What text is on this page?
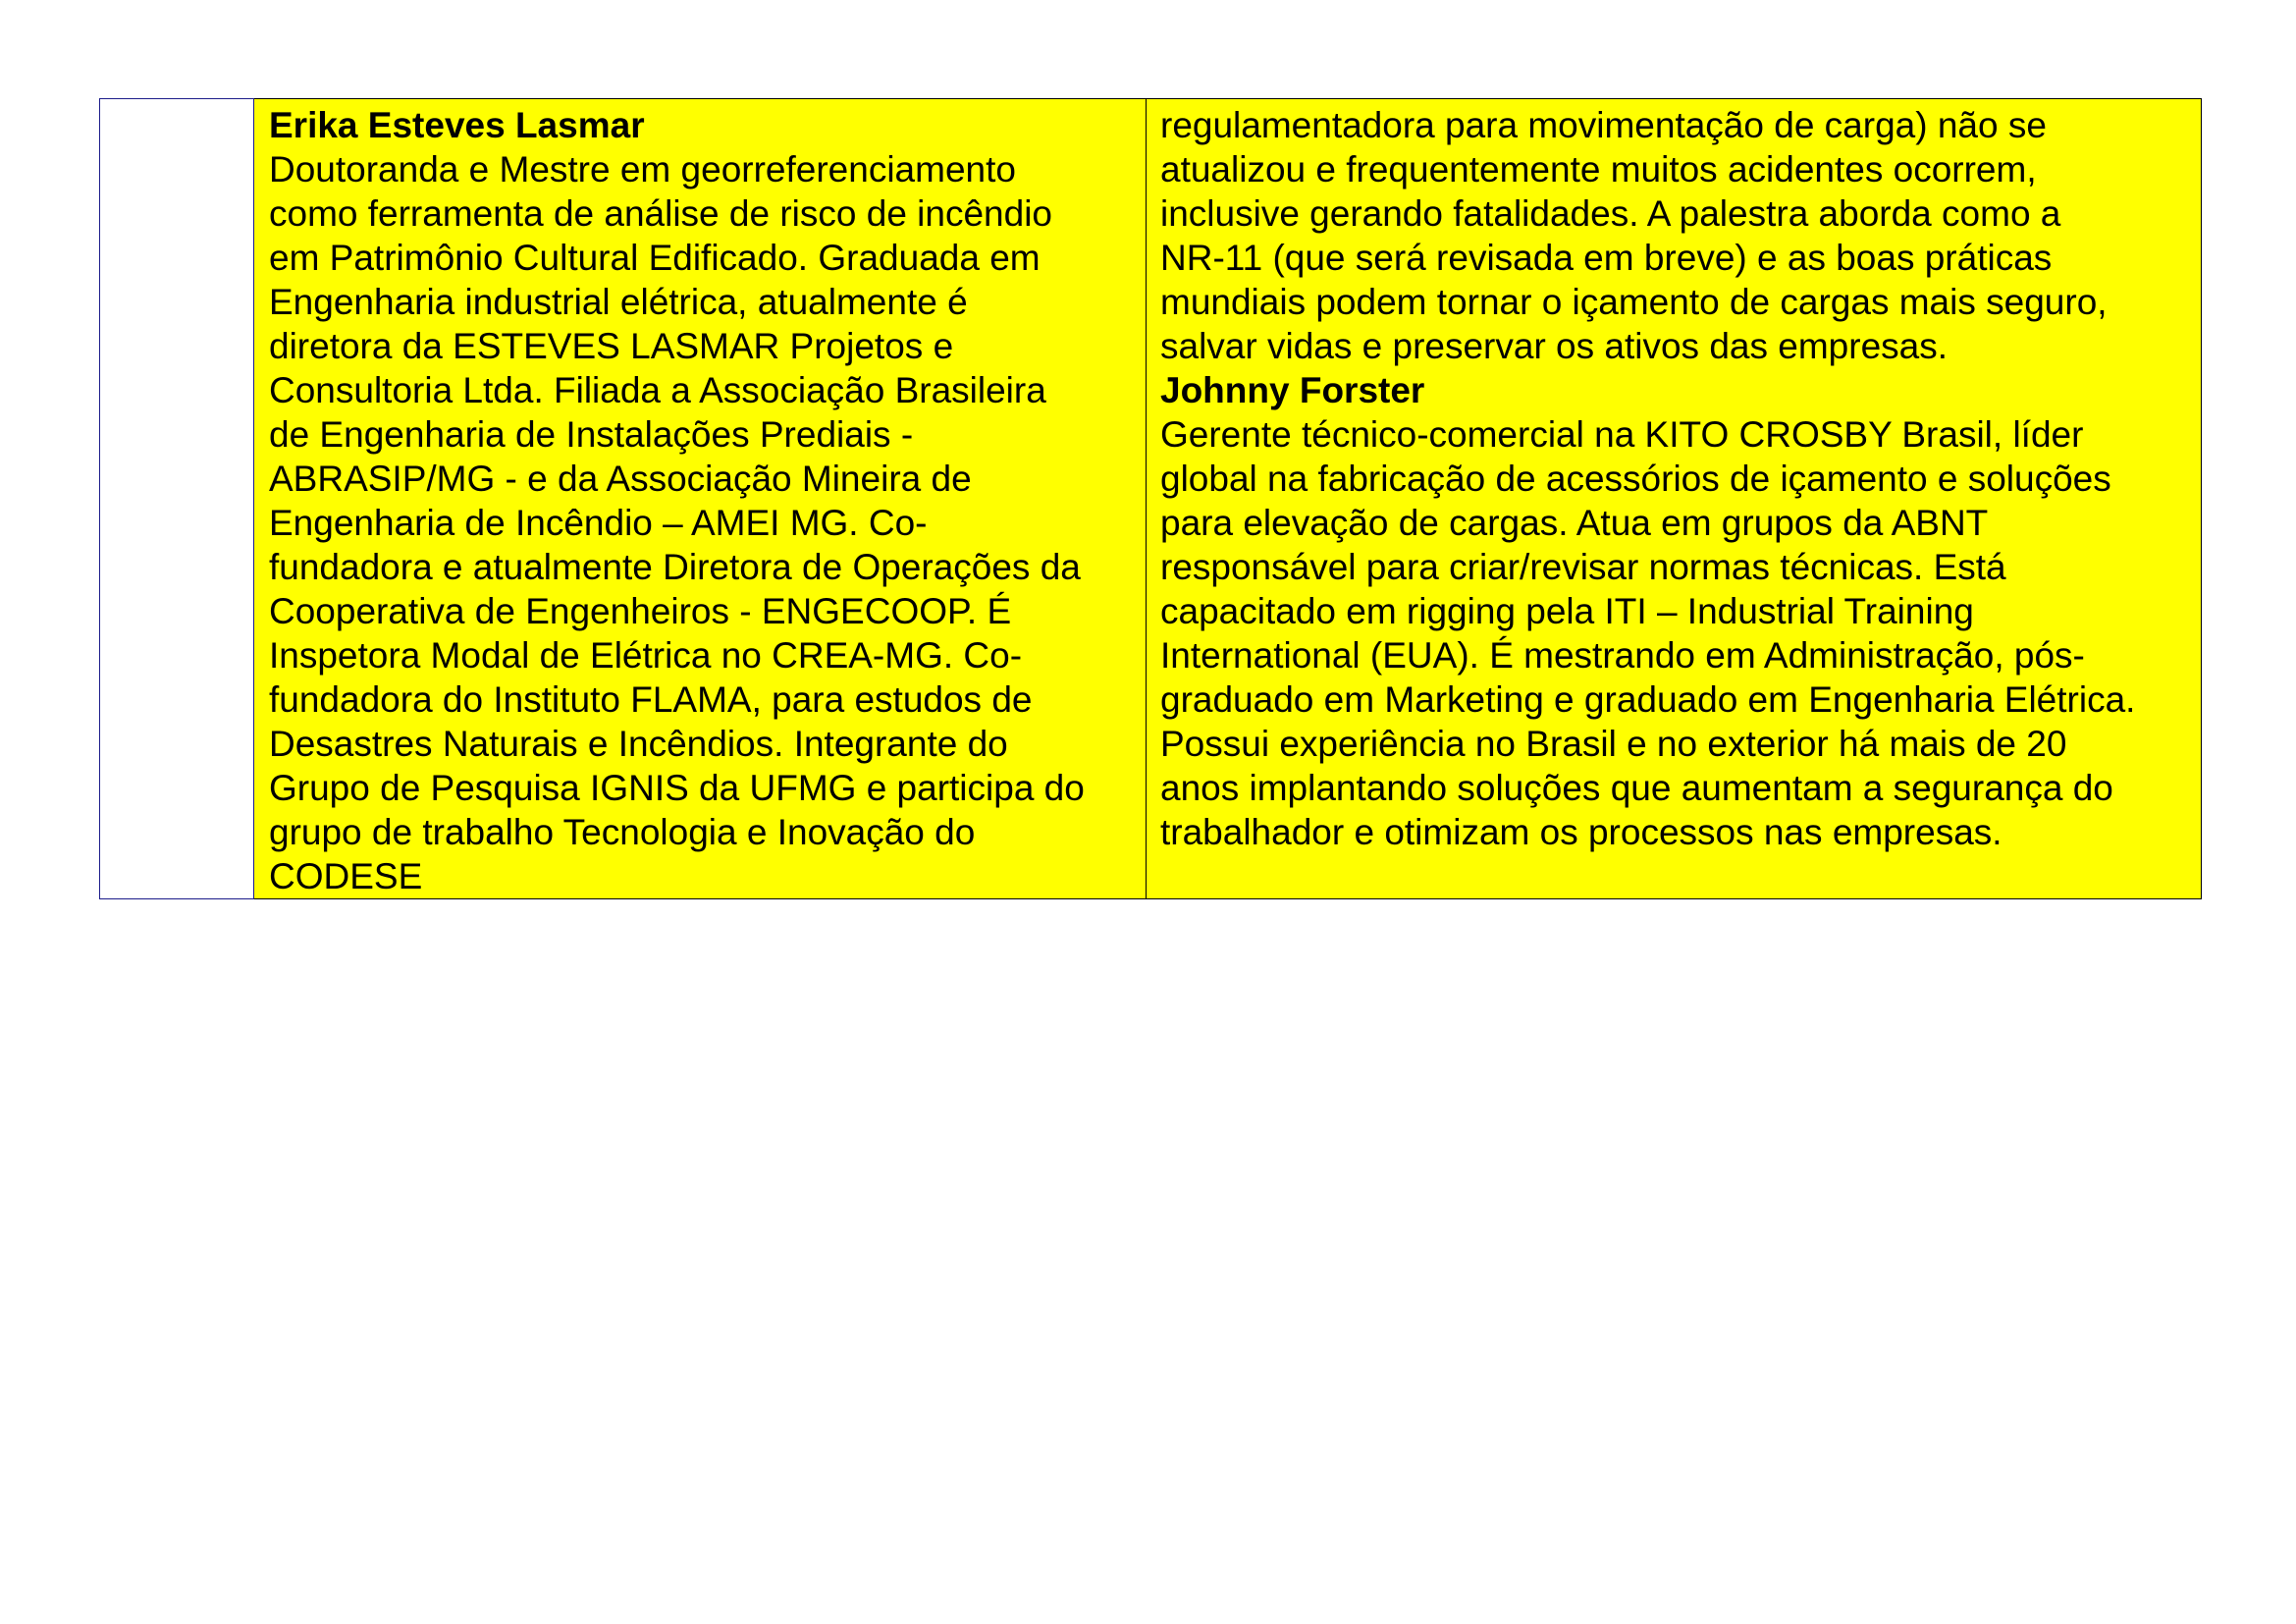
Erika Esteves Lasmar
Doutoranda e Mestre em georreferenciamento
como ferramenta de análise de risco de incêndio
em Patrimônio Cultural Edificado. Graduada em
Engenharia industrial elétrica, atualmente é
diretora da ESTEVES LASMAR Projetos e
Consultoria Ltda. Filiada a Associação Brasileira
de Engenharia de Instalações Prediais -
ABRASIP/MG - e da Associação Mineira de
Engenharia de Incêndio – AMEI MG. Co-
fundadora e atualmente Diretora de Operações da
Cooperativa de Engenheiros - ENGECOOP. É
Inspetora Modal de Elétrica no CREA-MG. Co-
fundadora do Instituto FLAMA, para estudos de
Desastres Naturais e Incêndios. Integrante do
Grupo de Pesquisa IGNIS da UFMG e participa do
grupo de trabalho Tecnologia e Inovação do
CODESE

regulamentadora para movimentação de carga) não se
atualizou e frequentemente muitos acidentes ocorrem,
inclusive gerando fatalidades. A palestra aborda como a
NR-11 (que será revisada em breve) e as boas práticas
mundiais podem tornar o içamento de cargas mais seguro,
salvar vidas e preservar os ativos das empresas.
Johnny Forster
Gerente técnico-comercial na KITO CROSBY Brasil, líder
global na fabricação de acessórios de içamento e soluções
para elevação de cargas. Atua em grupos da ABNT
responsável para criar/revisar normas técnicas. Está
capacitado em rigging pela ITI – Industrial Training
International (EUA). É mestrando em Administração, pós-
graduado em Marketing e graduado em Engenharia Elétrica.
Possui experiência no Brasil e no exterior há mais de 20
anos implantando soluções que aumentam a segurança do
trabalhador e otimizam os processos nas empresas.
